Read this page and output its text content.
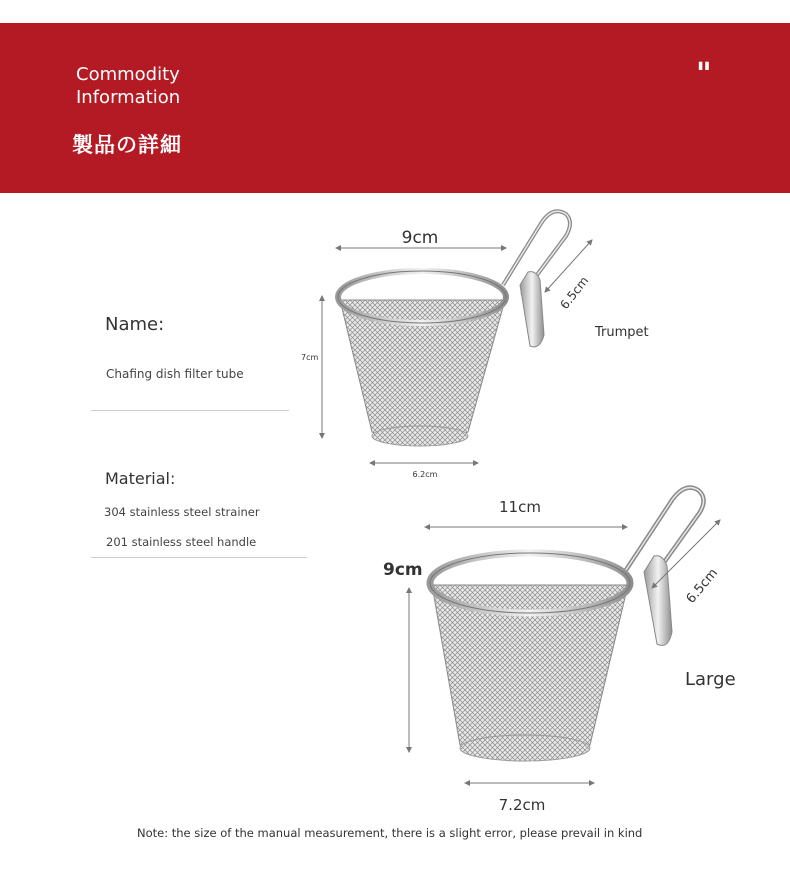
Commodity
Information
製品の詳細
"
Name:
Chafing dish filter tube
Material:
304 stainless steel strainer
201 stainless steel handle
9cm
7cm
6.2cm
6.5cm
Trumpet
11cm
9cm
7.2cm
6.5cm
Large
Note: the size of the manual measurement, there is a slight error, please prevail in kind
